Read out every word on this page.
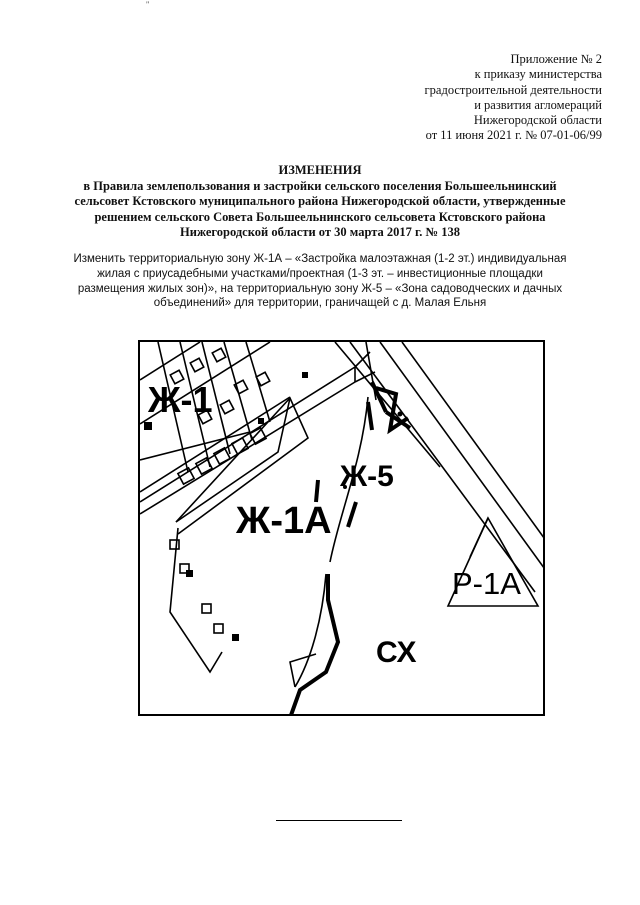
"
Приложение № 2
к приказу министерства
градостроительной деятельности
и развития агломераций
Нижегородской области
от 11 июня 2021 г. № 07-01-06/99
ИЗМЕНЕНИЯ
в Правила землепользования и застройки сельского поселения Большеельнинский
сельсовет Кстовского муниципального района Нижегородской области, утвержденные
решением сельского Совета Большеельнинского сельсовета Кстовского района
Нижегородской области от 30 марта 2017 г. № 138
Изменить территориальную зону Ж-1А – «Застройка малоэтажная (1-2 эт.) индивидуальная
жилая с приусадебными участками/проектная (1-3 эт. – инвестиционные площадки
размещения жилых зон)», на территориальную зону Ж-5 – «Зона садоводческих и дачных
объединений» для территории, граничащей с д. Малая Ельня
Ж-1
Ж-1А
Ж-5
Р-1А
СХ
